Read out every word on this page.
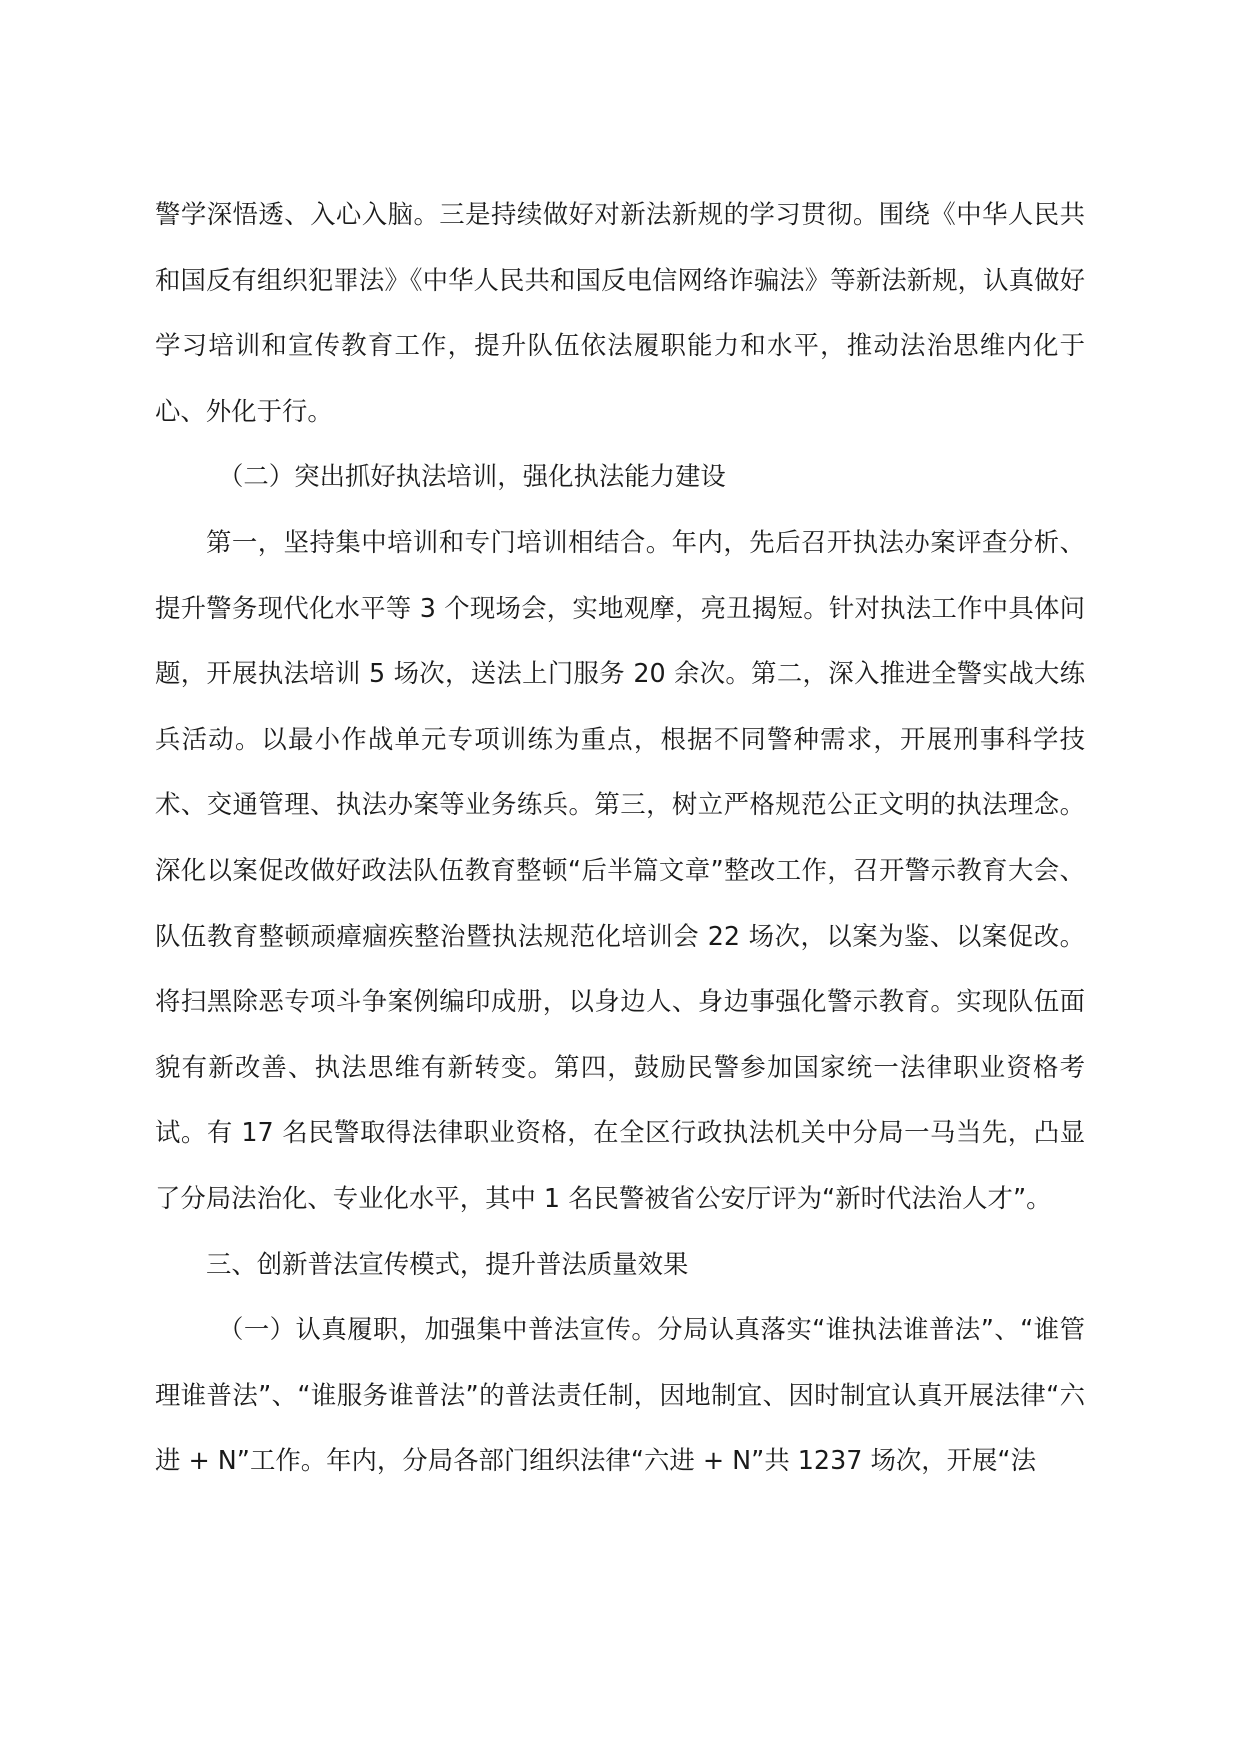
警学深悟透、入心入脑。三是持续做好对新法新规的学习贯彻。围绕《中华人民共和国反有组织犯罪法》《中华人民共和国反电信网络诈骗法》等新法新规，认真做好学习培训和宣传教育工作，提升队伍依法履职能力和水平，推动法治思维内化于心、外化于行。

（二）突出抓好执法培训，强化执法能力建设

第一，坚持集中培训和专门培训相结合。年内，先后召开执法办案评查分析、提升警务现代化水平等 3 个现场会，实地观摩，亮丑揭短。针对执法工作中具体问题，开展执法培训 5 场次，送法上门服务 20 余次。第二，深入推进全警实战大练兵活动。以最小作战单元专项训练为重点，根据不同警种需求，开展刑事科学技术、交通管理、执法办案等业务练兵。第三，树立严格规范公正文明的执法理念。深化以案促改做好政法队伍教育整顿“后半篇文章”整改工作，召开警示教育大会、队伍教育整顿顽瘴痼疾整治暨执法规范化培训会 22 场次，以案为鉴、以案促改。将扫黑除恶专项斗争案例编印成册，以身边人、身边事强化警示教育。实现队伍面貌有新改善、执法思维有新转变。第四，鼓励民警参加国家统一法律职业资格考试。有 17 名民警取得法律职业资格，在全区行政执法机关中分局一马当先，凸显了分局法治化、专业化水平，其中 1 名民警被省公安厅评为“新时代法治人才”。

三、创新普法宣传模式，提升普法质量效果

（一）认真履职，加强集中普法宣传。分局认真落实“谁执法谁普法”、“谁管理谁普法”、“谁服务谁普法”的普法责任制，因地制宜、因时制宜认真开展法律“六进 + N”工作。年内，分局各部门组织法律“六进 + N”共 1237 场次，开展“法
